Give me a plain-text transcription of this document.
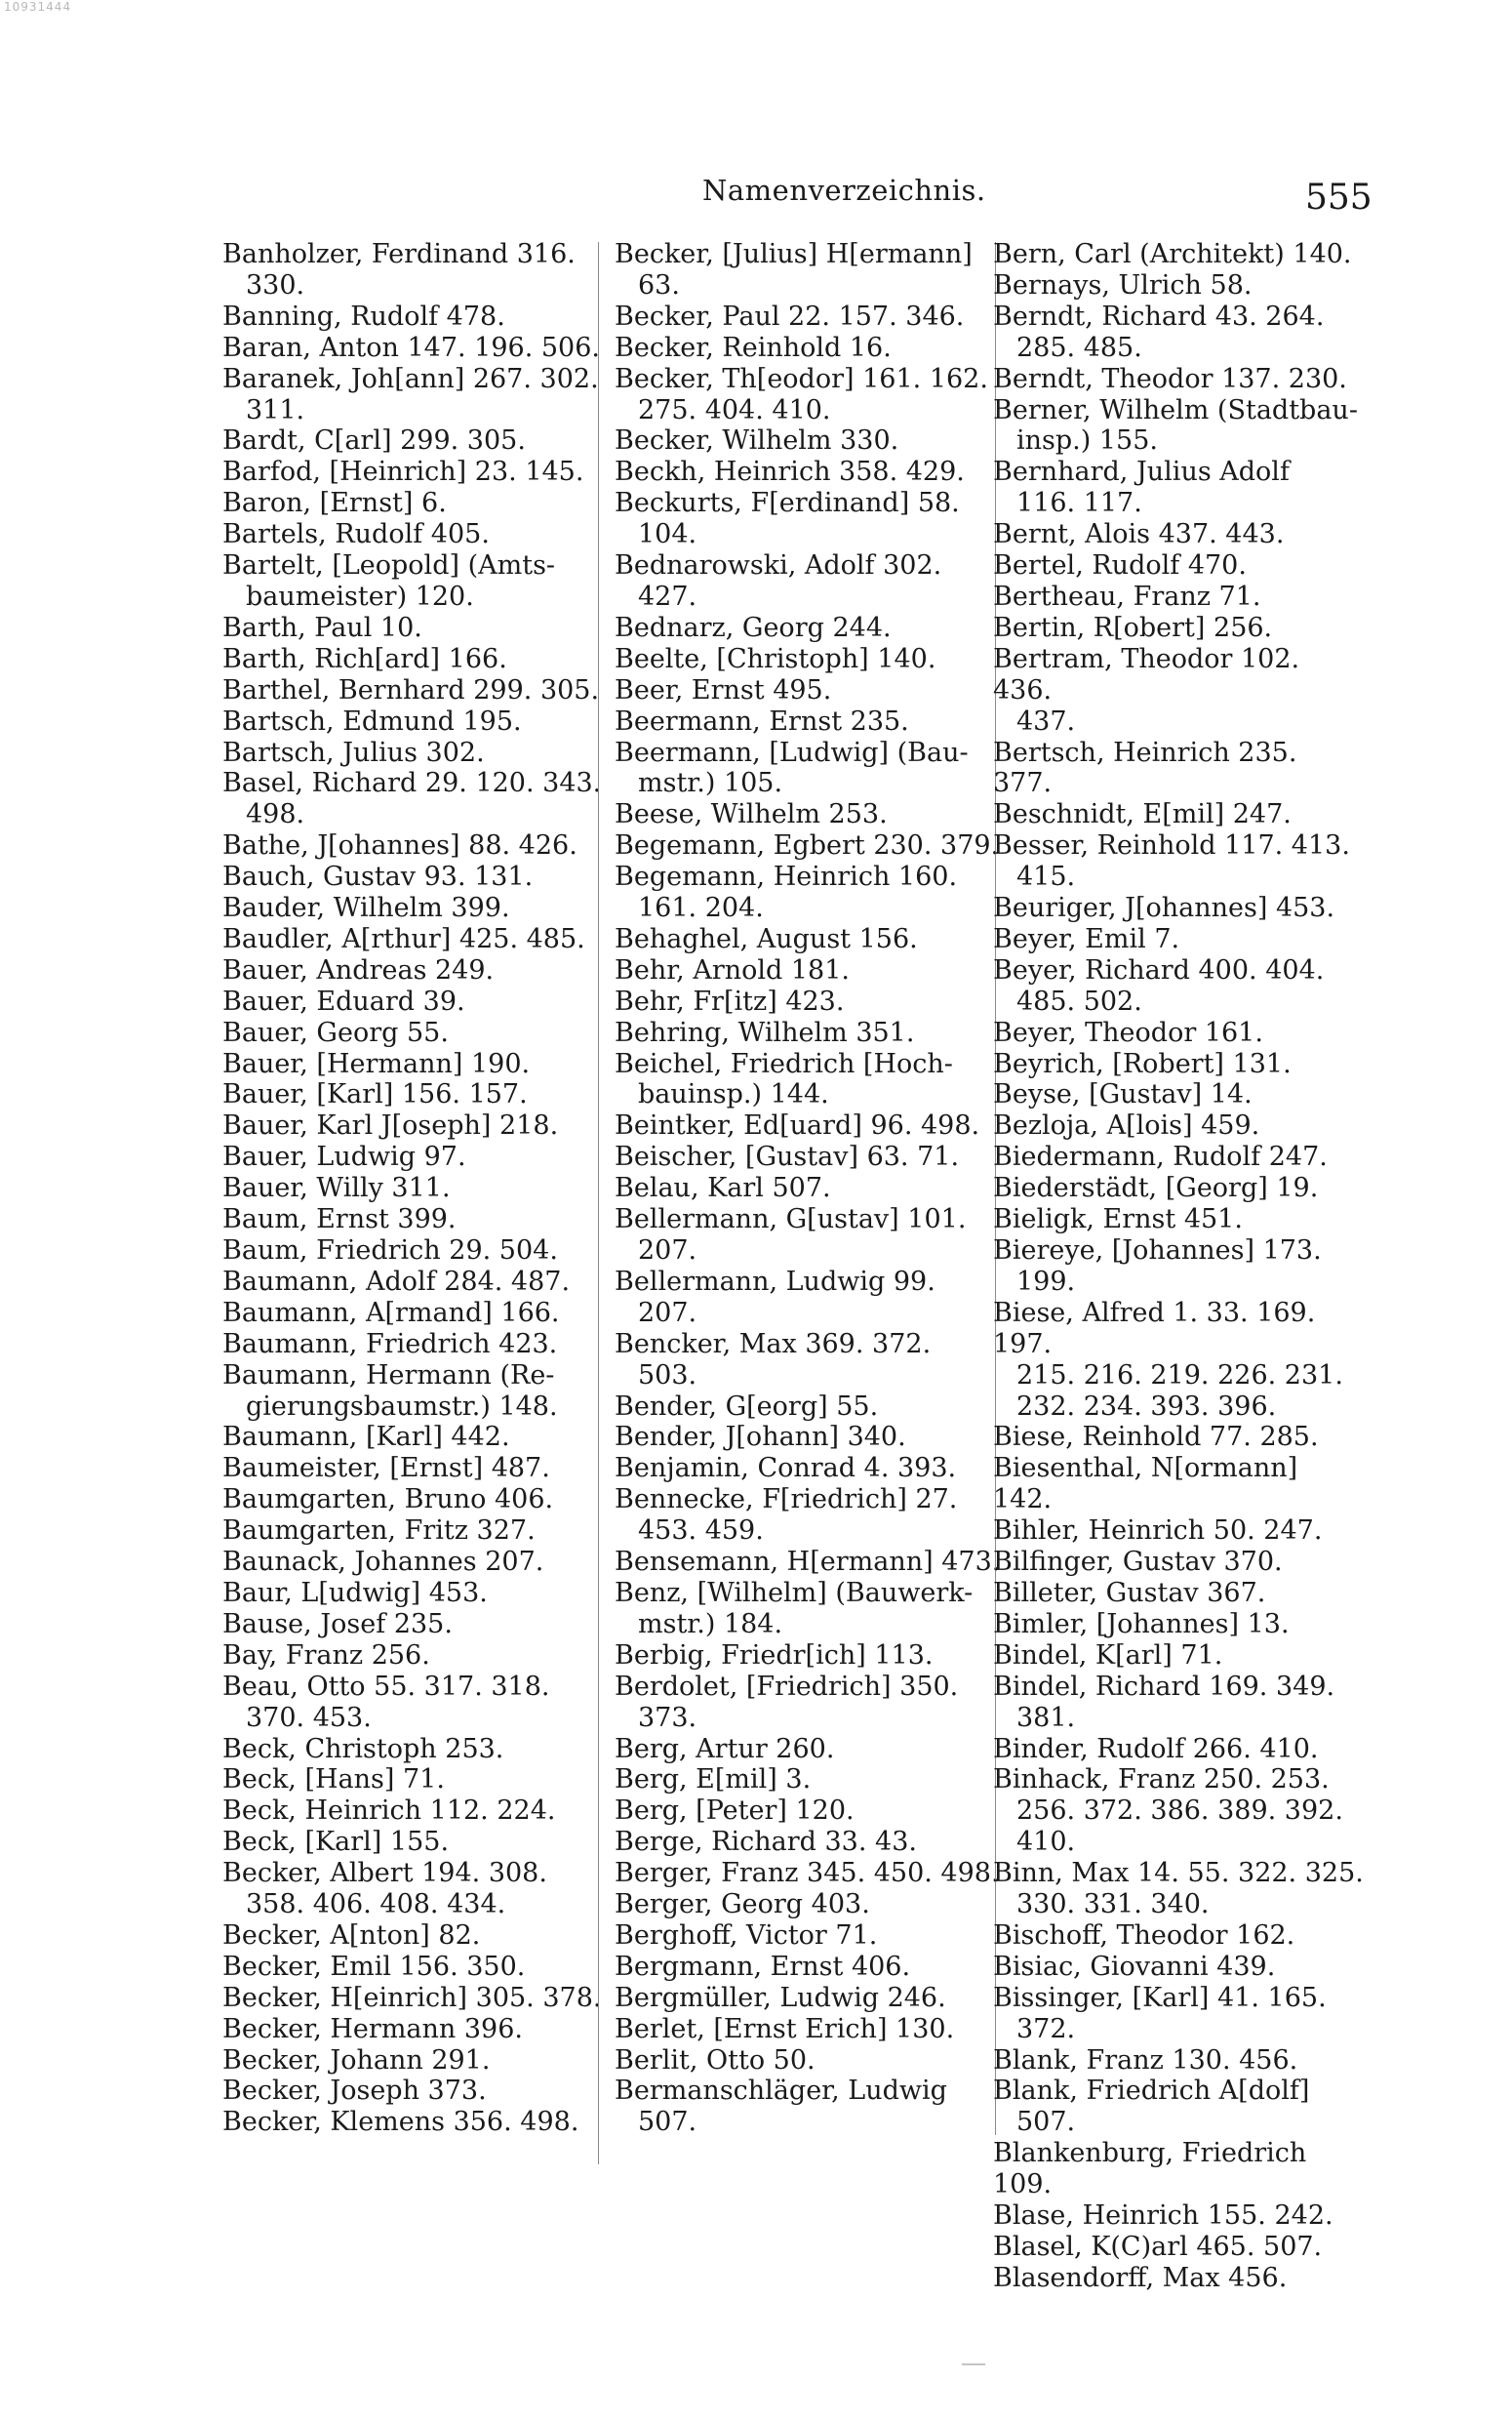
10931444
Namenverzeichnis.	555
Banholzer, Ferdinand 316.
330.
Banning, Rudolf 478.
Baran, Anton 147. 196. 506.
Baranek, Joh[ann] 267. 302.
311.
Bardt, C[arl] 299. 305.
Barfod, [Heinrich] 23. 145.
Baron, [Ernst] 6.
Bartels, Rudolf 405.
Bartelt, [Leopold] (Amts-
baumeister) 120.
Barth, Paul 10.
Barth, Rich[ard] 166.
Barthel, Bernhard 299. 305.
Bartsch, Edmund 195.
Bartsch, Julius 302.
Basel, Richard 29. 120. 343.
498.
Bathe, J[ohannes] 88. 426.
Bauch, Gustav 93. 131.
Bauder, Wilhelm 399.
Baudler, A[rthur] 425. 485.
Bauer, Andreas 249.
Bauer, Eduard 39.
Bauer, Georg 55.
Bauer, [Hermann] 190.
Bauer, [Karl] 156. 157.
Bauer, Karl J[oseph] 218.
Bauer, Ludwig 97.
Bauer, Willy 311.
Baum, Ernst 399.
Baum, Friedrich 29. 504.
Baumann, Adolf 284. 487.
Baumann, A[rmand] 166.
Baumann, Friedrich 423.
Baumann, Hermann (Re-
gierungsbaumstr.) 148.
Baumann, [Karl] 442.
Baumeister, [Ernst] 487.
Baumgarten, Bruno 406.
Baumgarten, Fritz 327.
Baunack, Johannes 207.
Baur, L[udwig] 453.
Bause, Josef 235.
Bay, Franz 256.
Beau, Otto 55. 317. 318.
370. 453.
Beck, Christoph 253.
Beck, [Hans] 71.
Beck, Heinrich 112. 224.
Beck, [Karl] 155.
Becker, Albert 194. 308.
358. 406. 408. 434.
Becker, A[nton] 82.
Becker, Emil 156. 350.
Becker, H[einrich] 305. 378.
Becker, Hermann 396.
Becker, Johann 291.
Becker, Joseph 373.
Becker, Klemens 356. 498.
Becker, [Julius] H[ermann]
63.
Becker, Paul 22. 157. 346.
Becker, Reinhold 16.
Becker, Th[eodor] 161. 162.
275. 404. 410.
Becker, Wilhelm 330.
Beckh, Heinrich 358. 429.
Beckurts, F[erdinand] 58.
104.
Bednarowski, Adolf 302.
427.
Bednarz, Georg 244.
Beelte, [Christoph] 140.
Beer, Ernst 495.
Beermann, Ernst 235.
Beermann, [Ludwig] (Bau-
mstr.) 105.
Beese, Wilhelm 253.
Begemann, Egbert 230. 379.
Begemann, Heinrich 160.
161. 204.
Behaghel, August 156.
Behr, Arnold 181.
Behr, Fr[itz] 423.
Behring, Wilhelm 351.
Beichel, Friedrich [Hoch-
bauinsp.) 144.
Beintker, Ed[uard] 96. 498.
Beischer, [Gustav] 63. 71.
Belau, Karl 507.
Bellermann, G[ustav] 101.
207.
Bellermann, Ludwig 99.
207.
Bencker, Max 369. 372.
503.
Bender, G[eorg] 55.
Bender, J[ohann] 340.
Benjamin, Conrad 4. 393.
Bennecke, F[riedrich] 27.
453. 459.
Bensemann, H[ermann] 473.
Benz, [Wilhelm] (Bauwerk-
mstr.) 184.
Berbig, Friedr[ich] 113.
Berdolet, [Friedrich] 350.
373.
Berg, Artur 260.
Berg, E[mil] 3.
Berg, [Peter] 120.
Berge, Richard 33. 43.
Berger, Franz 345. 450. 498.
Berger, Georg 403.
Berghoff, Victor 71.
Bergmann, Ernst 406.
Bergmüller, Ludwig 246.
Berlet, [Ernst Erich] 130.
Berlit, Otto 50.
Bermanschläger, Ludwig
507.
Bern, Carl (Architekt) 140.
Bernays, Ulrich 58.
Berndt, Richard 43. 264.
285. 485.
Berndt, Theodor 137. 230.
Berner, Wilhelm (Stadtbau-
insp.) 155.
Bernhard, Julius Adolf
116. 117.
Bernt, Alois 437. 443.
Bertel, Rudolf 470.
Bertheau, Franz 71.
Bertin, R[obert] 256.
Bertram, Theodor 102. 436.
437.
Bertsch, Heinrich 235. 377.
Beschnidt, E[mil] 247.
Besser, Reinhold 117. 413.
415.
Beuriger, J[ohannes] 453.
Beyer, Emil 7.
Beyer, Richard 400. 404.
485. 502.
Beyer, Theodor 161.
Beyrich, [Robert] 131.
Beyse, [Gustav] 14.
Bezloja, A[lois] 459.
Biedermann, Rudolf 247.
Biederstädt, [Georg] 19.
Bieligk, Ernst 451.
Biereye, [Johannes] 173.
199.
Biese, Alfred 1. 33. 169. 197.
215. 216. 219. 226. 231.
232. 234. 393. 396.
Biese, Reinhold 77. 285.
Biesenthal, N[ormann] 142.
Bihler, Heinrich 50. 247.
Bilfinger, Gustav 370.
Billeter, Gustav 367.
Bimler, [Johannes] 13.
Bindel, K[arl] 71.
Bindel, Richard 169. 349.
381.
Binder, Rudolf 266. 410.
Binhack, Franz 250. 253.
256. 372. 386. 389. 392.
410.
Binn, Max 14. 55. 322. 325.
330. 331. 340.
Bischoff, Theodor 162.
Bisiac, Giovanni 439.
Bissinger, [Karl] 41. 165.
372.
Blank, Franz 130. 456.
Blank, Friedrich A[dolf]
507.
Blankenburg, Friedrich 109.
Blase, Heinrich 155. 242.
Blasel, K(C)arl 465. 507.
Blasendorff, Max 456.
